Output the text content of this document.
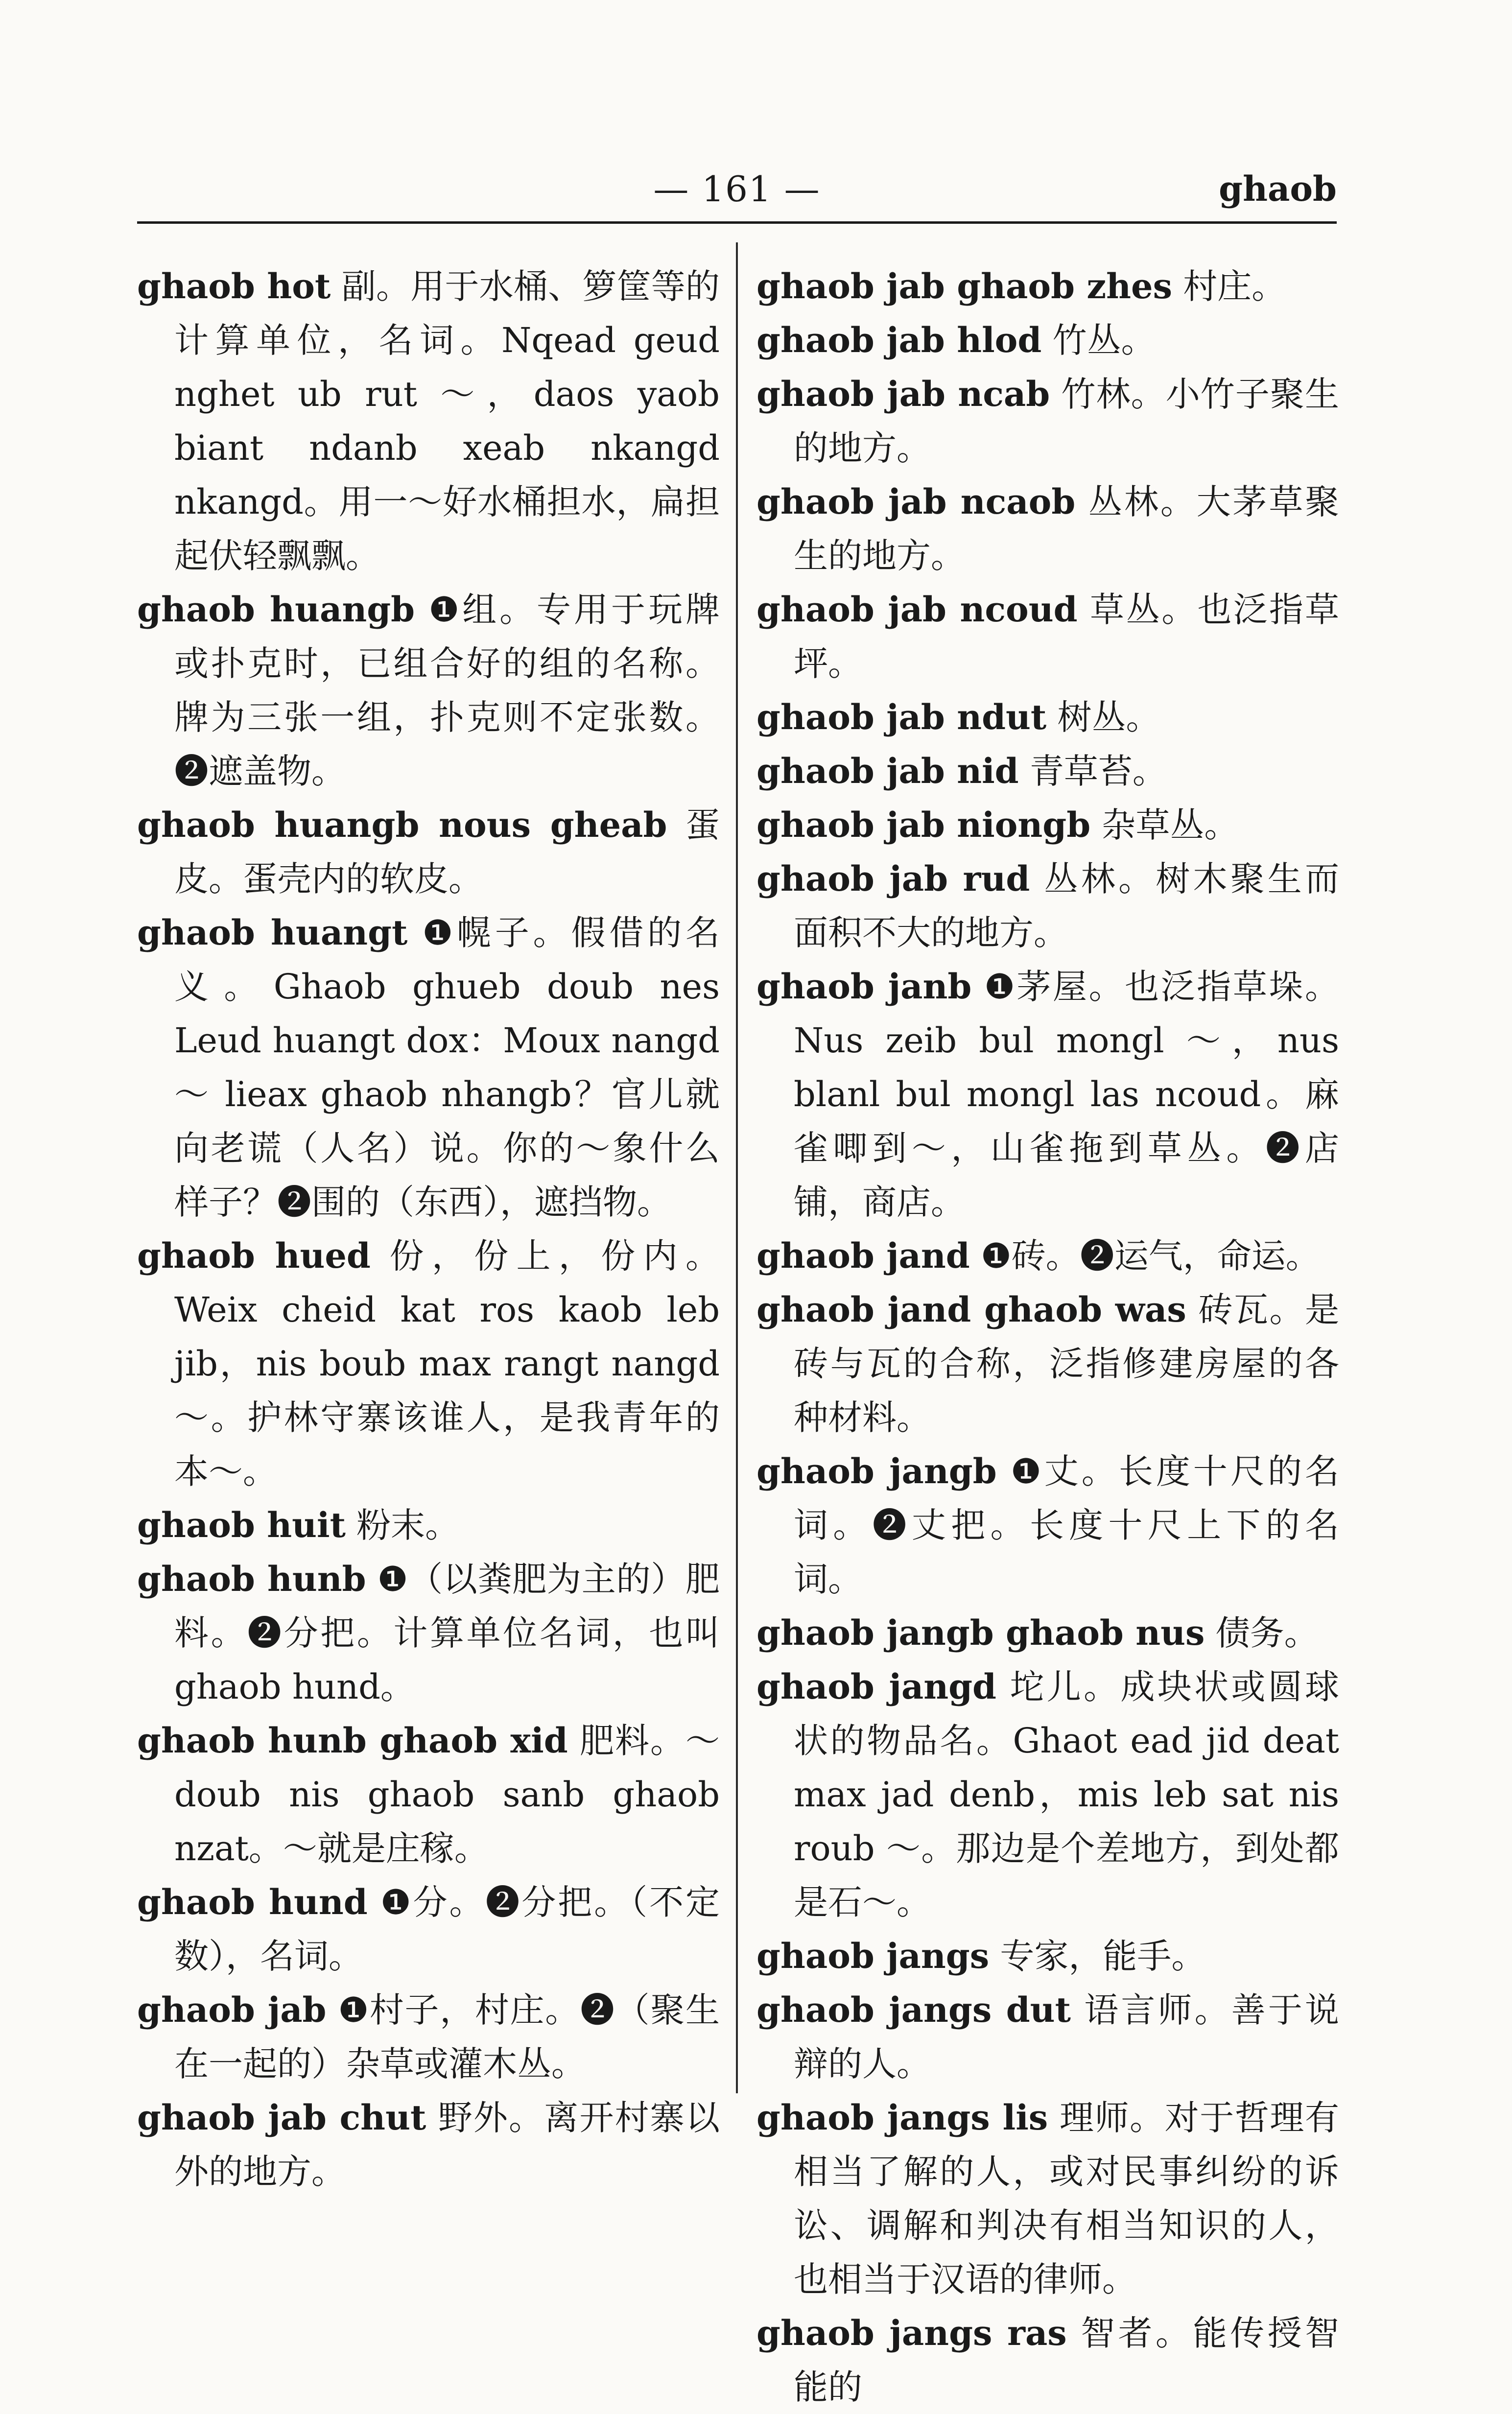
— 161 —	ghaob

ghaob hot 副。用于水桶、箩筐等的计算单位，名词。Nqead geud nghet ub rut ～，daos yaob biant ndanb xeab nkangd nkangd。用一～好水桶担水，扁担起伏轻飘飘。

ghaob huangb ❶组。专用于玩牌或扑克时，已组合好的组的名称。牌为三张一组，扑克则不定张数。❷遮盖物。

ghaob huangb nous gheab 蛋皮。蛋壳内的软皮。

ghaob huangt ❶幌子。假借的名义。Ghaob ghueb doub nes Leud huangt dox：Moux nangd ～ lieax ghaob nhangb？官儿就向老谎（人名）说。你的～象什么样子？❷围的（东西），遮挡物。

ghaob hued 份，份上，份内。Weix cheid kat ros kaob leb jib，nis boub max rangt nangd ～。护林守寨该谁人，是我青年的本～。

ghaob huit 粉末。

ghaob hunb ❶（以粪肥为主的）肥料。❷分把。计算单位名词，也叫 ghaob hund。

ghaob hunb ghaob xid 肥料。～doub nis ghaob sanb ghaob nzat。～就是庄稼。

ghaob hund ❶分。❷分把。（不定数），名词。

ghaob jab ❶村子，村庄。❷（聚生在一起的）杂草或灌木丛。

ghaob jab chut 野外。离开村寨以外的地方。

ghaob jab ghaob zhes 村庄。

ghaob jab hlod 竹丛。

ghaob jab ncab 竹林。小竹子聚生的地方。

ghaob jab ncaob 丛林。大茅草聚生的地方。

ghaob jab ncoud 草丛。也泛指草坪。

ghaob jab ndut 树丛。

ghaob jab nid 青草苔。

ghaob jab niongb 杂草丛。

ghaob jab rud 丛林。树木聚生而面积不大的地方。

ghaob janb ❶茅屋。也泛指草垛。Nus zeib bul mongl ～，nus blanl bul mongl las ncoud。麻雀唧到～，山雀拖到草丛。❷店铺，商店。

ghaob jand ❶砖。❷运气，命运。

ghaob jand ghaob was 砖瓦。是砖与瓦的合称，泛指修建房屋的各种材料。

ghaob jangb ❶丈。长度十尺的名词。❷丈把。长度十尺上下的名词。

ghaob jangb ghaob nus 债务。

ghaob jangd 坨儿。成块状或圆球状的物品名。Ghaot ead jid deat max jad denb，mis leb sat nis roub ～。那边是个差地方，到处都是石～。

ghaob jangs 专家，能手。

ghaob jangs dut 语言师。善于说辩的人。

ghaob jangs lis 理师。对于哲理有相当了解的人，或对民事纠纷的诉讼、调解和判决有相当知识的人，也相当于汉语的律师。

ghaob jangs ras 智者。能传授智能的
